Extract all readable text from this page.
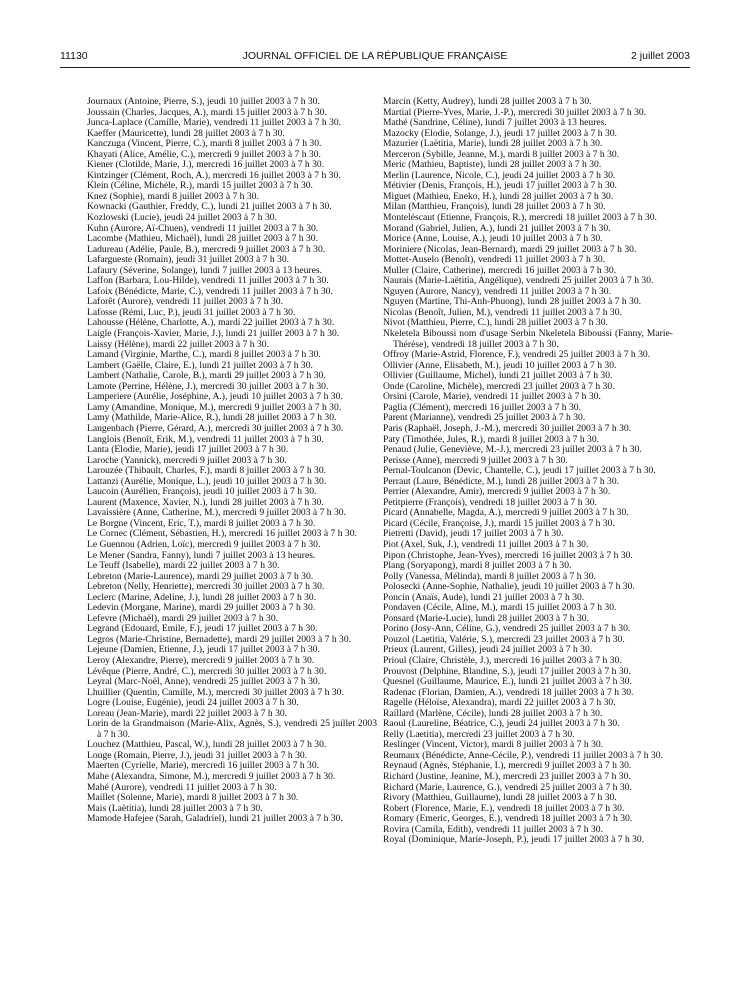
11130	JOURNAL OFFICIEL DE LA RÉPUBLIQUE FRANÇAISE	2 juillet 2003
Journaux (Antoine, Pierre, S.), jeudi 10 juillet 2003 à 7 h 30.
Joussain (Charles, Jacques, A.), mardi 15 juillet 2003 à 7 h 30.
Junca-Laplace (Camille, Marie), vendredi 11 juillet 2003 à 7 h 30.
Kaeffer (Mauricette), lundi 28 juillet 2003 à 7 h 30.
Kanczuga (Vincent, Pierre, C.), mardi 8 juillet 2003 à 7 h 30.
Khayati (Alice, Amélie, C.), mercredi 9 juillet 2003 à 7 h 30.
Kiener (Clotilde, Marie, J.), mercredi 16 juillet 2003 à 7 h 30.
Kintzinger (Clément, Roch, A.), mercredi 16 juillet 2003 à 7 h 30.
Klein (Céline, Michèle, R.), mardi 15 juillet 2003 à 7 h 30.
Knez (Sophie), mardi 8 juillet 2003 à 7 h 30.
Kownacki (Gauthier, Freddy, C.), lundi 21 juillet 2003 à 7 h 30.
Kozlowski (Lucie), jeudi 24 juillet 2003 à 7 h 30.
Kuhn (Aurore, Aï-Chuen), vendredi 11 juillet 2003 à 7 h 30.
Lacombe (Mathieu, Michaël), lundi 28 juillet 2003 à 7 h 30.
Ladureau (Adélie, Paule, B.), mercredi 9 juillet 2003 à 7 h 30.
Lafargueste (Romain), jeudi 31 juillet 2003 à 7 h 30.
Lafaury (Séverine, Solange), lundi 7 juillet 2003 à 13 heures.
Laffon (Barbara, Lou-Hilde), vendredi 11 juillet 2003 à 7 h 30.
Lafoix (Bénédicte, Marie, C.), vendredi 11 juillet 2003 à 7 h 30.
Laforêt (Aurore), vendredi 11 juillet 2003 à 7 h 30.
Lafosse (Rémi, Luc, P.), jeudi 31 juillet 2003 à 7 h 30.
Lahousse (Hélène, Charlotte, A.), mardi 22 juillet 2003 à 7 h 30.
Laigle (François-Xavier, Marie, J.), lundi 21 juillet 2003 à 7 h 30.
Laissy (Hélène), mardi 22 juillet 2003 à 7 h 30.
Lamand (Virginie, Marthe, C.), mardi 8 juillet 2003 à 7 h 30.
Lambert (Gaëlle, Claire, E.), lundi 21 juillet 2003 à 7 h 30.
Lambert (Nathalie, Carole, B.), mardi 29 juillet 2003 à 7 h 30.
Lamote (Perrine, Hélène, J.), mercredi 30 juillet 2003 à 7 h 30.
Lamperiere (Aurélie, Joséphine, A.), jeudi 10 juillet 2003 à 7 h 30.
Lamy (Amandine, Monique, M.), mercredi 9 juillet 2003 à 7 h 30.
Lamy (Mathilde, Marie-Alice, R.), lundi 28 juillet 2003 à 7 h 30.
Langenbach (Pierre, Gérard, A.), mercredi 30 juillet 2003 à 7 h 30.
Langlois (Benoît, Erik, M.), vendredi 11 juillet 2003 à 7 h 30.
Lanta (Elodie, Marie), jeudi 17 juillet 2003 à 7 h 30.
Laroche (Yannick), mercredi 9 juillet 2003 à 7 h 30.
Larouzée (Thibault, Charles, F.), mardi 8 juillet 2003 à 7 h 30.
Lattanzi (Aurélie, Monique, L.), jeudi 10 juillet 2003 à 7 h 30.
Laucoin (Aurélien, François), jeudi 10 juillet 2003 à 7 h 30.
Laurent (Maxence, Xavier, N.), lundi 28 juillet 2003 à 7 h 30.
Lavaissière (Anne, Catherine, M.), mercredi 9 juillet 2003 à 7 h 30.
Le Borgne (Vincent, Eric, T.), mardi 8 juillet 2003 à 7 h 30.
Le Cornec (Clément, Sébastien, H.), mercredi 16 juillet 2003 à 7 h 30.
Le Guennou (Adrien, Loïc), mercredi 9 juillet 2003 à 7 h 30.
Le Mener (Sandra, Fanny), lundi 7 juillet 2003 à 13 heures.
Le Teuff (Isabelle), mardi 22 juillet 2003 à 7 h 30.
Lebreton (Marie-Laurence), mardi 29 juillet 2003 à 7 h 30.
Lebreton (Nelly, Henriette), mercredi 30 juillet 2003 à 7 h 30.
Leclerc (Marine, Adeline, J.), lundi 28 juillet 2003 à 7 h 30.
Ledevin (Morgane, Marine), mardi 29 juillet 2003 à 7 h 30.
Lefevre (Michaël), mardi 29 juillet 2003 à 7 h 30.
Legrand (Edouard, Emile, F.), jeudi 17 juillet 2003 à 7 h 30.
Legros (Marie-Christine, Bernadette), mardi 29 juillet 2003 à 7 h 30.
Lejeune (Damien, Etienne, J.), jeudi 17 juillet 2003 à 7 h 30.
Leroy (Alexandre, Pierre), mercredi 9 juillet 2003 à 7 h 30.
Lévêque (Pierre, André, C.), mercredi 30 juillet 2003 à 7 h 30.
Leyral (Marc-Noël, Anne), vendredi 25 juillet 2003 à 7 h 30.
Lhuillier (Quentin, Camille, M.), mercredi 30 juillet 2003 à 7 h 30.
Logre (Louise, Eugénie), jeudi 24 juillet 2003 à 7 h 30.
Loreau (Jean-Marie), mardi 22 juillet 2003 à 7 h 30.
Lorin de la Grandmaison (Marie-Alix, Agnès, S.), vendredi 25 juillet 2003 à 7 h 30.
Louchez (Matthieu, Pascal, W.), lundi 28 juillet 2003 à 7 h 30.
Louge (Romain, Pierre, J.), jeudi 31 juillet 2003 à 7 h 30.
Maerten (Cyrielle, Marie), mercredi 16 juillet 2003 à 7 h 30.
Mahe (Alexandra, Simone, M.), mercredi 9 juillet 2003 à 7 h 30.
Mahé (Aurore), vendredi 11 juillet 2003 à 7 h 30.
Maillet (Solenne, Marie), mardi 8 juillet 2003 à 7 h 30.
Mais (Laëtitia), lundi 28 juillet 2003 à 7 h 30.
Mamode Hafejee (Sarah, Galadriel), lundi 21 juillet 2003 à 7 h 30.
Marcin (Ketty, Audrey), lundi 28 juillet 2003 à 7 h 30.
Martial (Pierre-Yves, Marie, J.-P.), mercredi 30 juillet 2003 à 7 h 30.
Mathé (Sandrine, Céline), lundi 7 juillet 2003 à 13 heures.
Mazocky (Elodie, Solange, J.), jeudi 17 juillet 2003 à 7 h 30.
Mazurier (Laëtitia, Marie), lundi 28 juillet 2003 à 7 h 30.
Merceron (Sybille, Jeanne, M.), mardi 8 juillet 2003 à 7 h 30.
Meric (Mathieu, Baptiste), lundi 28 juillet 2003 à 7 h 30.
Merlin (Laurence, Nicole, C.), jeudi 24 juillet 2003 à 7 h 30.
Métivier (Denis, François, H.), jeudi 17 juillet 2003 à 7 h 30.
Miguet (Mathieu, Eneko, H.), lundi 28 juillet 2003 à 7 h 30.
Milan (Matthieu, François), lundi 28 juillet 2003 à 7 h 30.
Monteléscaut (Etienne, François, R.), mercredi 18 juillet 2003 à 7 h 30.
Morand (Gabriel, Julien, A.), lundi 21 juillet 2003 à 7 h 30.
Morice (Anne, Louise, A.), jeudi 10 juillet 2003 à 7 h 30.
Moriniere (Nicolas, Jean-Bernard), mardi 29 juillet 2003 à 7 h 30.
Mottet-Auselo (Benoît), vendredi 11 juillet 2003 à 7 h 30.
Muller (Claire, Catherine), mercredi 16 juillet 2003 à 7 h 30.
Naurais (Marie-Laëtitia, Angélique), vendredi 25 juillet 2003 à 7 h 30.
Nguyen (Aurore, Nancy), vendredi 11 juillet 2003 à 7 h 30.
Nguyen (Martine, Thi-Anh-Phuong), lundi 28 juillet 2003 à 7 h 30.
Nicolas (Benoît, Julien, M.), vendredi 11 juillet 2003 à 7 h 30.
Nivot (Matthieu, Pierre, C.), lundi 28 juillet 2003 à 7 h 30.
Nkeletela Biboussi nom d'usage Serbin Nkeletela Biboussi (Fanny, Marie-Thérèse), vendredi 18 juillet 2003 à 7 h 30.
Offroy (Marie-Astrid, Florence, F.), vendredi 25 juillet 2003 à 7 h 30.
Ollivier (Anne, Elisabeth, M.), jeudi 10 juillet 2003 à 7 h 30.
Ollivier (Guillaume, Michel), lundi 21 juillet 2003 à 7 h 30.
Onde (Caroline, Michèle), mercredi 23 juillet 2003 à 7 h 30.
Orsini (Carole, Marie), vendredi 11 juillet 2003 à 7 h 30.
Paglia (Clément), mercredi 16 juillet 2003 à 7 h 30.
Parent (Marianne), vendredi 25 juillet 2003 à 7 h 30.
Paris (Raphaël, Joseph, J.-M.), mercredi 30 juillet 2003 à 7 h 30.
Paty (Timothée, Jules, R.), mardi 8 juillet 2003 à 7 h 30.
Penaud (Julie, Geneviève, M.-J.), mercredi 23 juillet 2003 à 7 h 30.
Perisse (Anne), mercredi 9 juillet 2003 à 7 h 30.
Pernal-Toulcanon (Devic, Chantelle, C.), jeudi 17 juillet 2003 à 7 h 30.
Perraut (Laure, Bénédicte, M.), lundi 28 juillet 2003 à 7 h 30.
Perrier (Alexandre, Amir), mercredi 9 juillet 2003 à 7 h 30.
Petitpierre (François), vendredi 18 juillet 2003 à 7 h 30.
Picard (Annabelle, Magda, A.), mercredi 9 juillet 2003 à 7 h 30.
Picard (Cécile, Françoise, J.), mardi 15 juillet 2003 à 7 h 30.
Pietretti (David), jeudi 17 juillet 2003 à 7 h 30.
Piot (Axel, Suk, J.), vendredi 11 juillet 2003 à 7 h 30.
Pipon (Christophe, Jean-Yves), mercredi 16 juillet 2003 à 7 h 30.
Plang (Soryapong), mardi 8 juillet 2003 à 7 h 30.
Polly (Vanessa, Mélinda), mardi 8 juillet 2003 à 7 h 30.
Polosecki (Anne-Sophie, Nathalie), jeudi 10 juillet 2003 à 7 h 30.
Poncin (Anaïs, Aude), lundi 21 juillet 2003 à 7 h 30.
Pondaven (Cécile, Aline, M.), mardi 15 juillet 2003 à 7 h 30.
Ponsard (Marie-Lucie), lundi 28 juillet 2003 à 7 h 30.
Porino (Josy-Ann, Céline, G.), vendredi 25 juillet 2003 à 7 h 30.
Pouzol (Laetitia, Valérie, S.), mercredi 23 juillet 2003 à 7 h 30.
Prieux (Laurent, Gilles), jeudi 24 juillet 2003 à 7 h 30.
Prioul (Claire, Christèle, J.), mercredi 16 juillet 2003 à 7 h 30.
Prouvost (Delphine, Blandine, S.), jeudi 17 juillet 2003 à 7 h 30.
Quesnel (Guillaume, Maurice, E.), lundi 21 juillet 2003 à 7 h 30.
Radenac (Florian, Damien, A.), vendredi 18 juillet 2003 à 7 h 30.
Ragelle (Héloïse, Alexandra), mardi 22 juillet 2003 à 7 h 30.
Raillard (Marlène, Cécile), lundi 28 juillet 2003 à 7 h 30.
Raoul (Laureline, Béatrice, C.), jeudi 24 juillet 2003 à 7 h 30.
Relly (Laetitia), mercredi 23 juillet 2003 à 7 h 30.
Reslinger (Vincent, Victor), mardi 8 juillet 2003 à 7 h 30.
Reumaux (Bénédicte, Anne-Cécile, P.), vendredi 11 juillet 2003 à 7 h 30.
Reynaud (Agnès, Stéphanie, I.), mercredi 9 juillet 2003 à 7 h 30.
Richard (Justine, Jeanine, M.), mercredi 23 juillet 2003 à 7 h 30.
Richard (Marie, Laurence, G.), vendredi 25 juillet 2003 à 7 h 30.
Rivory (Matthieu, Guillaume), lundi 28 juillet 2003 à 7 h 30.
Robert (Florence, Marie, E.), vendredi 18 juillet 2003 à 7 h 30.
Romary (Emeric, Georges, E.), vendredi 18 juillet 2003 à 7 h 30.
Rovira (Camila, Edith), vendredi 11 juillet 2003 à 7 h 30.
Royal (Dominique, Marie-Joseph, P.), jeudi 17 juillet 2003 à 7 h 30.
